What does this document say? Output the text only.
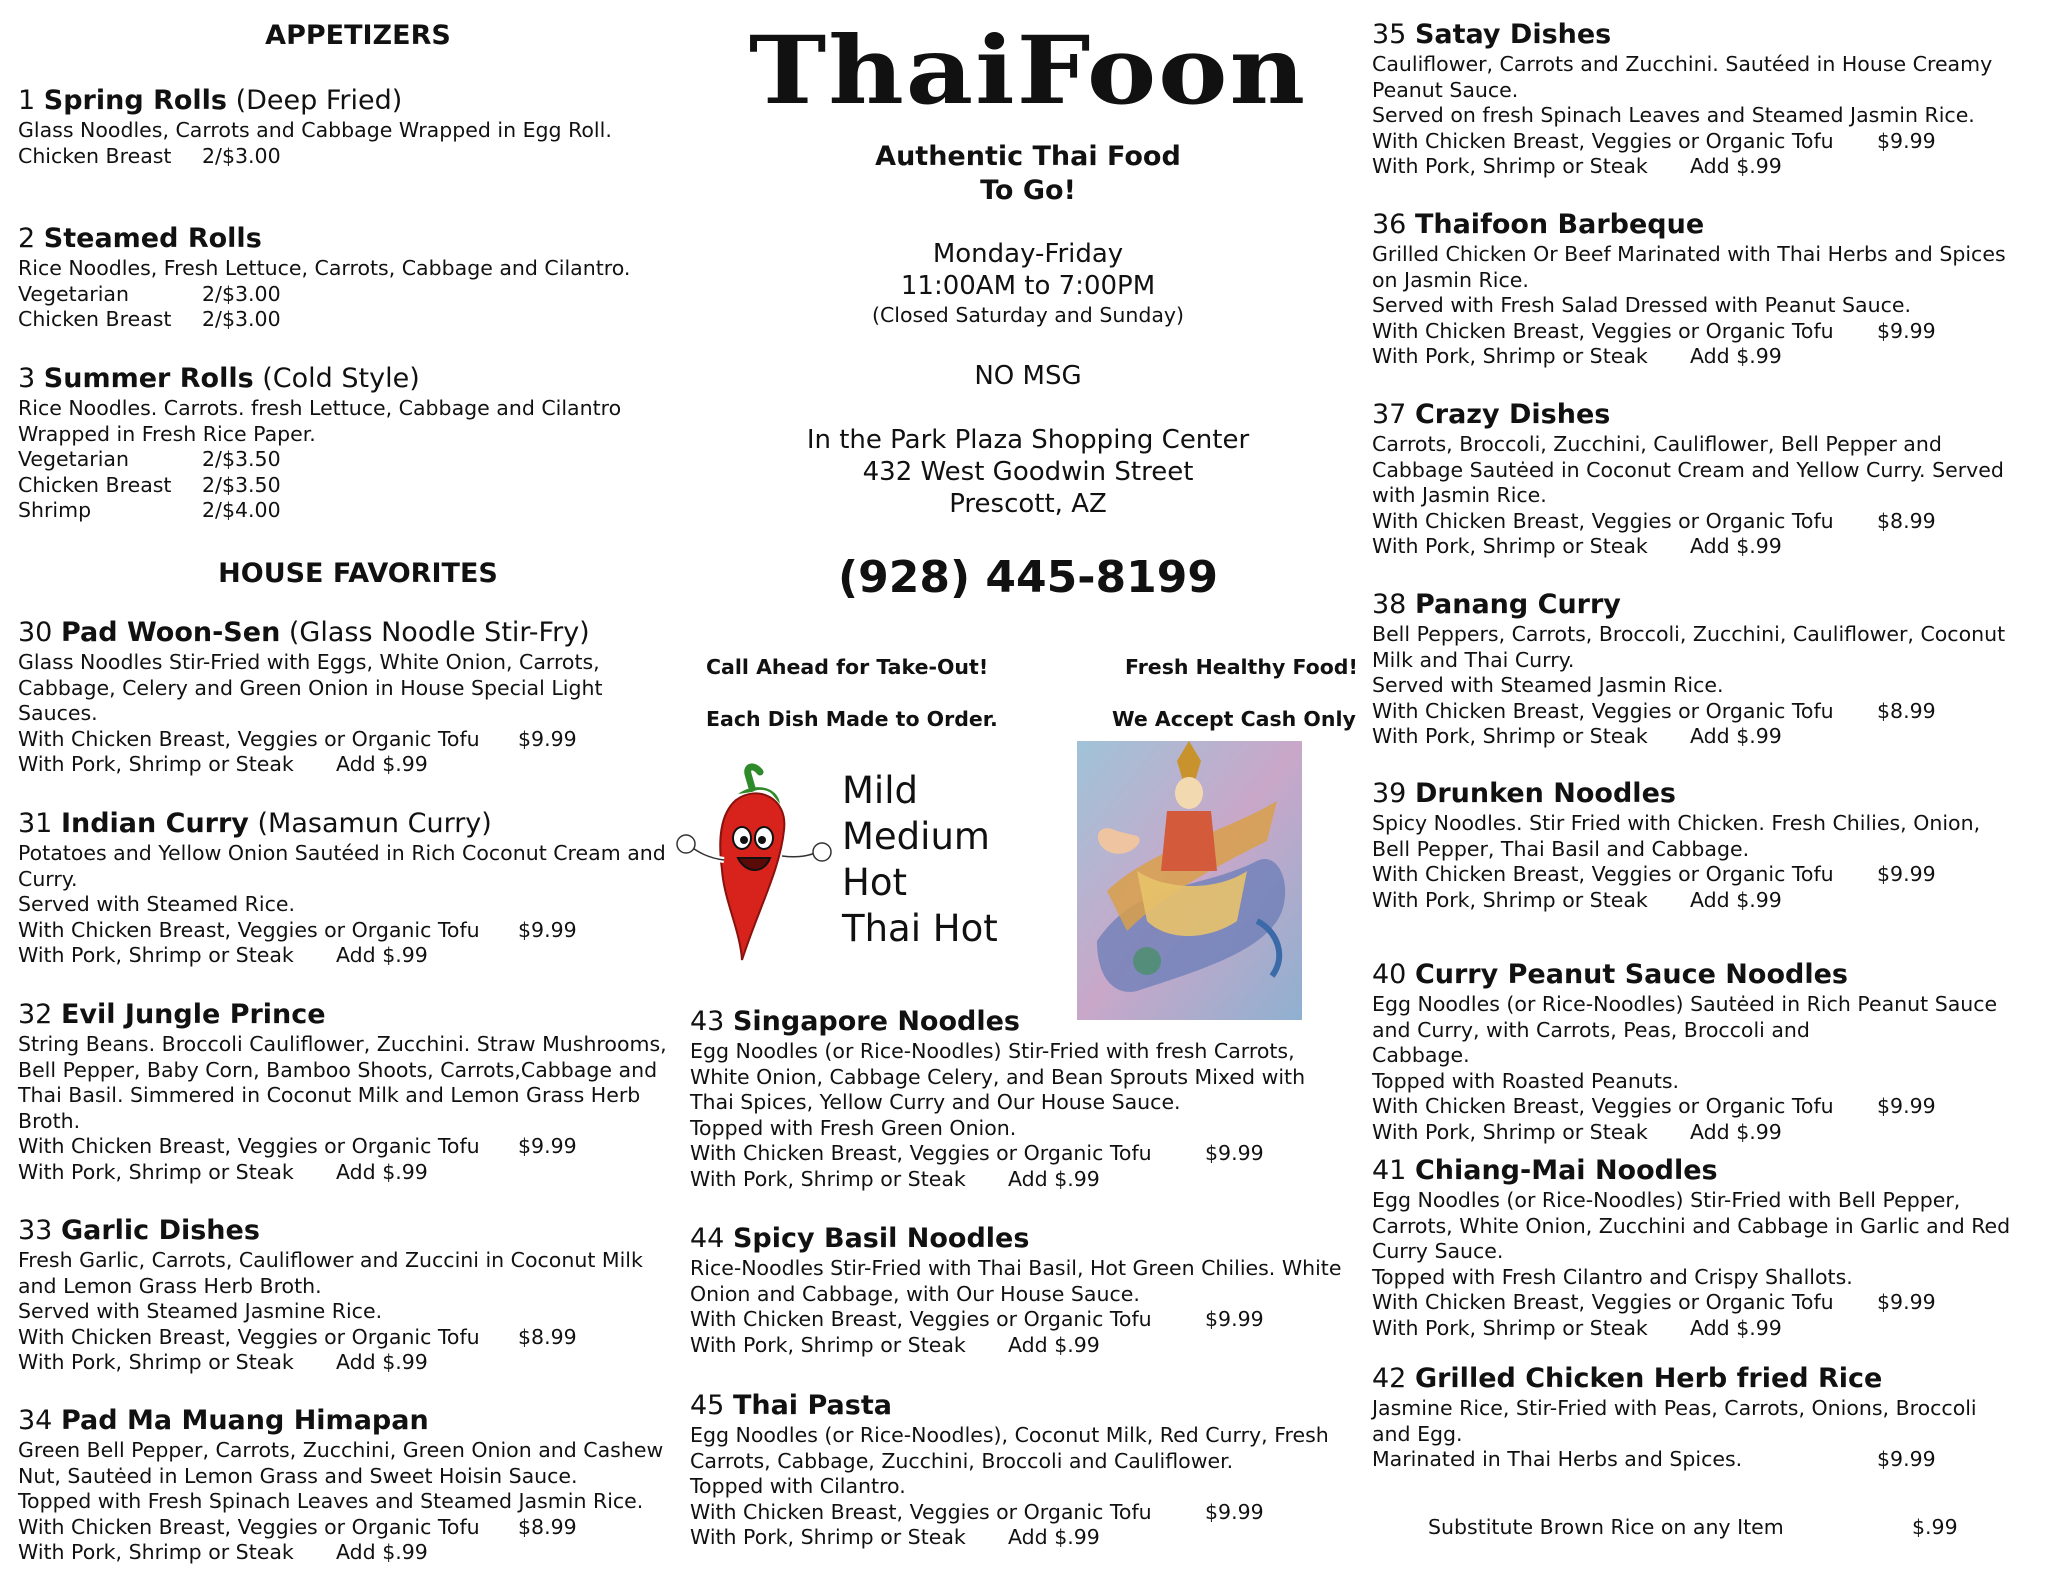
APPETIZERS
HOUSE FAVORITES
1 Spring Rolls (Deep Fried)
Glass Noodles, Carrots and Cabbage Wrapped in Egg Roll.
Chicken Breast	2/$3.00
2 Steamed Rolls
Rice Noodles, Fresh Lettuce, Carrots, Cabbage and Cilantro.
Vegetarian	2/$3.00
Chicken Breast	2/$3.00
3 Summer Rolls (Cold Style)
Rice Noodles. Carrots. fresh Lettuce, Cabbage and Cilantro
Wrapped in Fresh Rice Paper.
Vegetarian	2/$3.50
Chicken Breast	2/$3.50
Shrimp	2/$4.00
30 Pad Woon-Sen (Glass Noodle Stir-Fry)
Glass Noodles Stir-Fried with Eggs, White Onion, Carrots,
Cabbage, Celery and Green Onion in House Special Light
Sauces.
With Chicken Breast, Veggies or Organic Tofu	$9.99
With Pork, Shrimp or Steak	Add $.99
31 Indian Curry (Masamun Curry)
Potatoes and Yellow Onion Sautéed in Rich Coconut Cream and
Curry.
Served with Steamed Rice.
With Chicken Breast, Veggies or Organic Tofu	$9.99
With Pork, Shrimp or Steak	Add $.99
32 Evil Jungle Prince
String Beans. Broccoli Cauliflower, Zucchini. Straw Mushrooms,
Bell Pepper, Baby Corn, Bamboo Shoots, Carrots,Cabbage and
Thai Basil. Simmered in Coconut Milk and Lemon Grass Herb
Broth.
With Chicken Breast, Veggies or Organic Tofu	$9.99
With Pork, Shrimp or Steak	Add $.99
33 Garlic Dishes
Fresh Garlic, Carrots, Cauliflower and Zuccini in Coconut Milk
and Lemon Grass Herb Broth.
Served with Steamed Jasmine Rice.
With Chicken Breast, Veggies or Organic Tofu	$8.99
With Pork, Shrimp or Steak	Add $.99
34 Pad Ma Muang Himapan
Green Bell Pepper, Carrots, Zucchini, Green Onion and Cashew
Nut, Sautėed in Lemon Grass and Sweet Hoisin Sauce.
Topped with Fresh Spinach Leaves and Steamed Jasmin Rice.
With Chicken Breast, Veggies or Organic Tofu	$8.99
With Pork, Shrimp or Steak	Add $.99
ThaiFoon
Authentic Thai Food
To Go!
Monday-Friday
11:00AM to 7:00PM
(Closed Saturday and Sunday)
NO MSG
In the Park Plaza Shopping Center
432 West Goodwin Street
Prescott, AZ
(928) 445-8199
43 Singapore Noodles
Egg Noodles (or Rice-Noodles) Stir-Fried with fresh Carrots,
White Onion, Cabbage Celery, and Bean Sprouts Mixed with
Thai Spices, Yellow Curry and Our House Sauce.
Topped with Fresh Green Onion.
With Chicken Breast, Veggies or Organic Tofu	$9.99
With Pork, Shrimp or Steak	Add $.99
44 Spicy Basil Noodles
Rice-Noodles Stir-Fried with Thai Basil, Hot Green Chilies. White
Onion and Cabbage, with Our House Sauce.
With Chicken Breast, Veggies or Organic Tofu	$9.99
With Pork, Shrimp or Steak	Add $.99
45 Thai Pasta
Egg Noodles (or Rice-Noodles), Coconut Milk, Red Curry, Fresh
Carrots, Cabbage, Zucchini, Broccoli and Cauliflower.
Topped with Cilantro.
With Chicken Breast, Veggies or Organic Tofu	$9.99
With Pork, Shrimp or Steak	Add $.99
Call Ahead for Take-Out!	Fresh Healthy Food!
Each Dish Made to Order.	We Accept Cash Only
Mild
Medium
Hot
Thai Hot
35 Satay Dishes
Cauliflower, Carrots and Zucchini. Sautéed in House Creamy
Peanut Sauce.
Served on fresh Spinach Leaves and Steamed Jasmin Rice.
With Chicken Breast, Veggies or Organic Tofu	$9.99
With Pork, Shrimp or Steak	Add $.99
36 Thaifoon Barbeque
Grilled Chicken Or Beef Marinated with Thai Herbs and Spices
on Jasmin Rice.
Served with Fresh Salad Dressed with Peanut Sauce.
With Chicken Breast, Veggies or Organic Tofu	$9.99
With Pork, Shrimp or Steak	Add $.99
37 Crazy Dishes
Carrots, Broccoli, Zucchini, Cauliflower, Bell Pepper and
Cabbage Sautėed in Coconut Cream and Yellow Curry. Served
with Jasmin Rice.
With Chicken Breast, Veggies or Organic Tofu	$8.99
With Pork, Shrimp or Steak	Add $.99
38 Panang Curry
Bell Peppers, Carrots, Broccoli, Zucchini, Cauliflower, Coconut
Milk and Thai Curry.
Served with Steamed Jasmin Rice.
With Chicken Breast, Veggies or Organic Tofu	$8.99
With Pork, Shrimp or Steak	Add $.99
39 Drunken Noodles
Spicy Noodles. Stir Fried with Chicken. Fresh Chilies, Onion,
Bell Pepper, Thai Basil and Cabbage.
With Chicken Breast, Veggies or Organic Tofu	$9.99
With Pork, Shrimp or Steak	Add $.99
40 Curry Peanut Sauce Noodles
Egg Noodles (or Rice-Noodles) Sautėed in Rich Peanut Sauce
and Curry, with Carrots, Peas, Broccoli and
Cabbage.
Topped with Roasted Peanuts.
With Chicken Breast, Veggies or Organic Tofu	$9.99
With Pork, Shrimp or Steak	Add $.99
41 Chiang-Mai Noodles
Egg Noodles (or Rice-Noodles) Stir-Fried with Bell Pepper,
Carrots, White Onion, Zucchini and Cabbage in Garlic and Red
Curry Sauce.
Topped with Fresh Cilantro and Crispy Shallots.
With Chicken Breast, Veggies or Organic Tofu	$9.99
With Pork, Shrimp or Steak	Add $.99
42 Grilled Chicken Herb fried Rice
Jasmine Rice, Stir-Fried with Peas, Carrots, Onions, Broccoli
and Egg.
Marinated in Thai Herbs and Spices.	$9.99
Substitute Brown Rice on any Item	$.99
